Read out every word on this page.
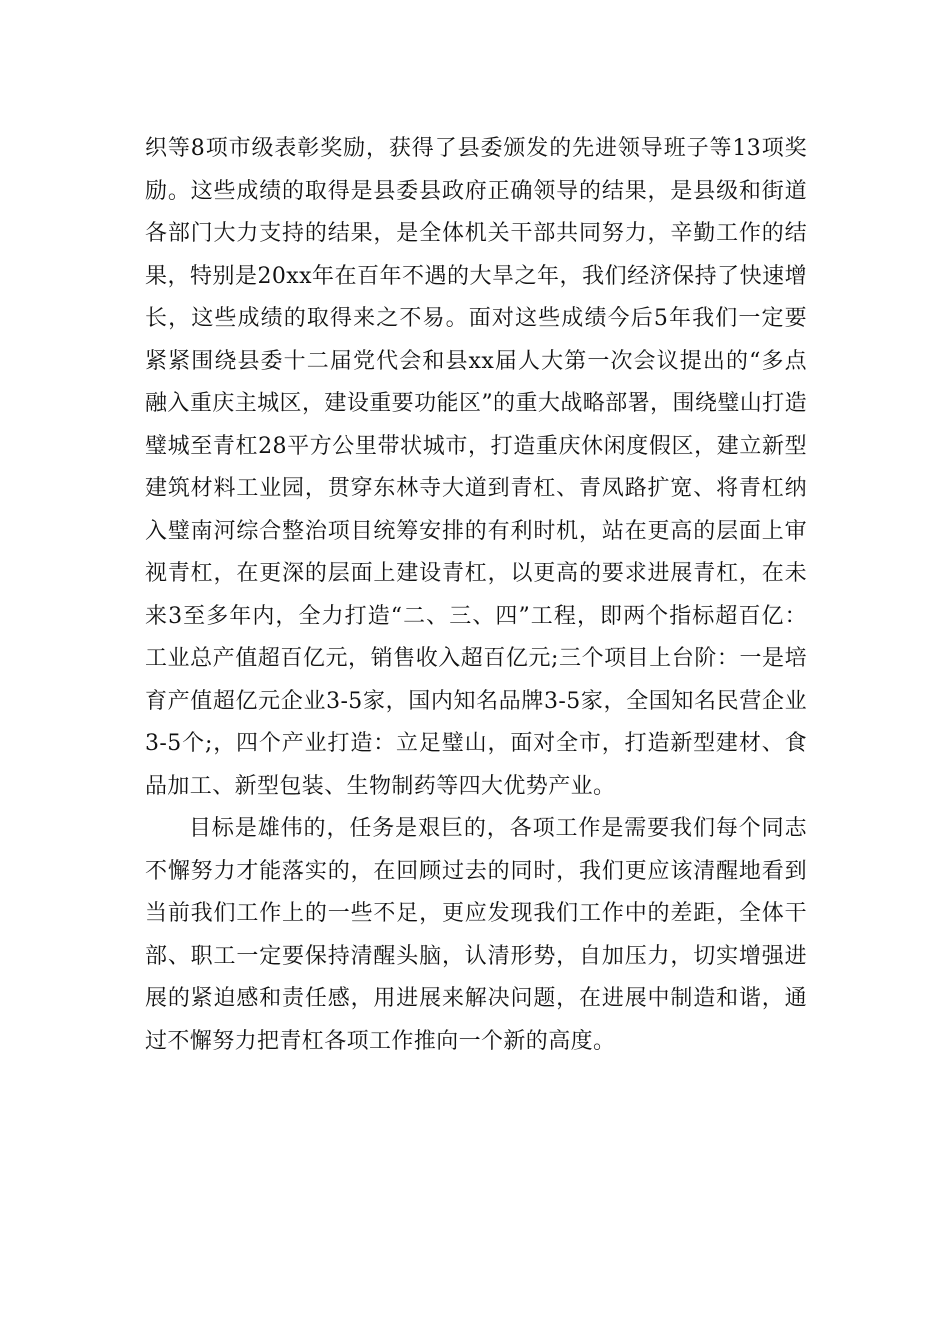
织等8项市级表彰奖励，获得了县委颁发的先进领导班子等13项奖励。这些成绩的取得是县委县政府正确领导的结果，是县级和街道各部门大力支持的结果，是全体机关干部共同努力，辛勤工作的结果，特别是20xx年在百年不遇的大旱之年，我们经济保持了快速增长，这些成绩的取得来之不易。面对这些成绩今后5年我们一定要紧紧围绕县委十二届党代会和县xx届人大第一次会议提出的“多点融入重庆主城区，建设重要功能区”的重大战略部署，围绕璧山打造璧城至青杠28平方公里带状城市，打造重庆休闲度假区，建立新型建筑材料工业园，贯穿东林寺大道到青杠、青凤路扩宽、将青杠纳入璧南河综合整治项目统筹安排的有利时机，站在更高的层面上审视青杠，在更深的层面上建设青杠，以更高的要求进展青杠，在未来3至多年内，全力打造“二、三、四”工程，即两个指标超百亿：工业总产值超百亿元，销售收入超百亿元;三个项目上台阶：一是培育产值超亿元企业3-5家，国内知名品牌3-5家，全国知名民营企业3-5个;，四个产业打造：立足璧山，面对全市，打造新型建材、食品加工、新型包装、生物制药等四大优势产业。

目标是雄伟的，任务是艰巨的，各项工作是需要我们每个同志不懈努力才能落实的，在回顾过去的同时，我们更应该清醒地看到当前我们工作上的一些不足，更应发现我们工作中的差距，全体干部、职工一定要保持清醒头脑，认清形势，自加压力，切实增强进展的紧迫感和责任感，用进展来解决问题，在进展中制造和谐，通过不懈努力把青杠各项工作推向一个新的高度。
